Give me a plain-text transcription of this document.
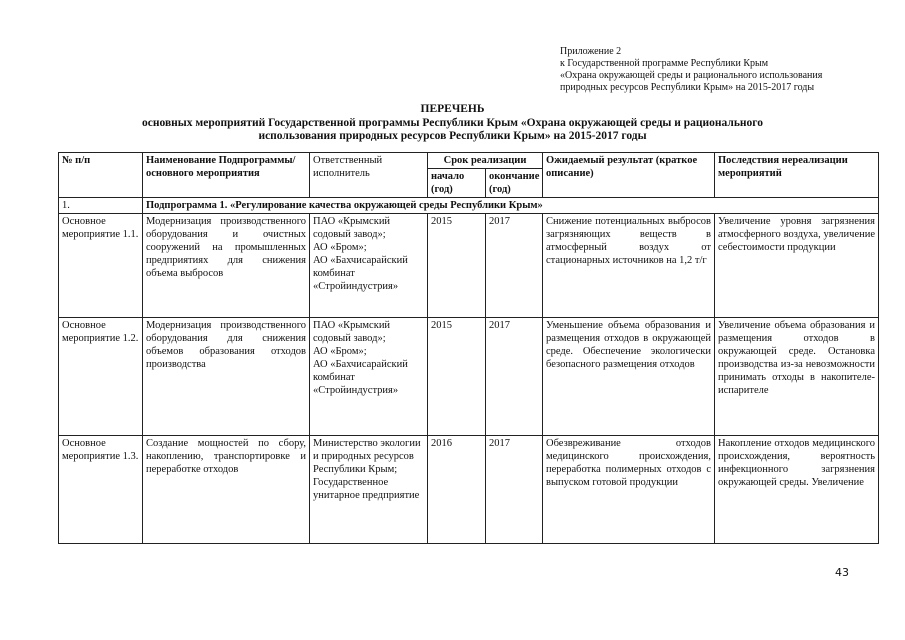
Приложение 2
к Государственной программе Республики Крым
«Охрана окружающей среды и рационального использования
природных ресурсов Республики Крым» на 2015-2017 годы
ПЕРЕЧЕНЬ
основных мероприятий Государственной программы Республики Крым «Охрана окружающей среды и рационального
использования природных ресурсов Республики Крым» на 2015-2017 годы
№ п/п	Наименование Подпрограммы/ основного мероприятия	Ответственный исполнитель	Срок реализации		Ожидаемый результат (краткое описание)	Последствия нереализации мероприятий
			начало (год)	окончание (год)		
1.	Подпрограмма 1. «Регулирование качества окружающей среды Республики Крым»					
Основное мероприятие 1.1.	Модернизация производственного оборудования и очистных сооружений на промышленных предприятиях для снижения объема выбросов	ПАО «Крымский содовый завод»;
АО «Бром»;
АО «Бахчисарайский комбинат «Стройиндустрия»	2015	2017	Снижение потенциальных выбросов загрязняющих веществ в атмосферный воздух от стационарных источников на 1,2 т/г	Увеличение уровня загрязнения атмосферного воздуха, увеличение себестоимости продукции
Основное мероприятие 1.2.	Модернизация производственного оборудования для снижения объемов образования отходов производства	ПАО «Крымский содовый завод»;
АО «Бром»;
АО «Бахчисарайский комбинат «Стройиндустрия»	2015	2017	Уменьшение объема образования и размещения отходов в окружающей среде. Обеспечение экологически безопасного размещения отходов	Увеличение объема образования и размещения отходов в окружающей среде. Остановка производства из-за невозможности принимать отходы в накопителе-испарителе
Основное мероприятие 1.3.	Создание мощностей по сбору, накоплению, транспортировке и переработке отходов	Министерство экологии и природных ресурсов Республики Крым;
Государственное унитарное предприятие	2016	2017	Обезвреживание отходов медицинского происхождения, переработка полимерных отходов с выпуском готовой продукции	Накопление отходов медицинского происхождения, вероятность инфекционного загрязнения окружающей среды. Увеличение
43
